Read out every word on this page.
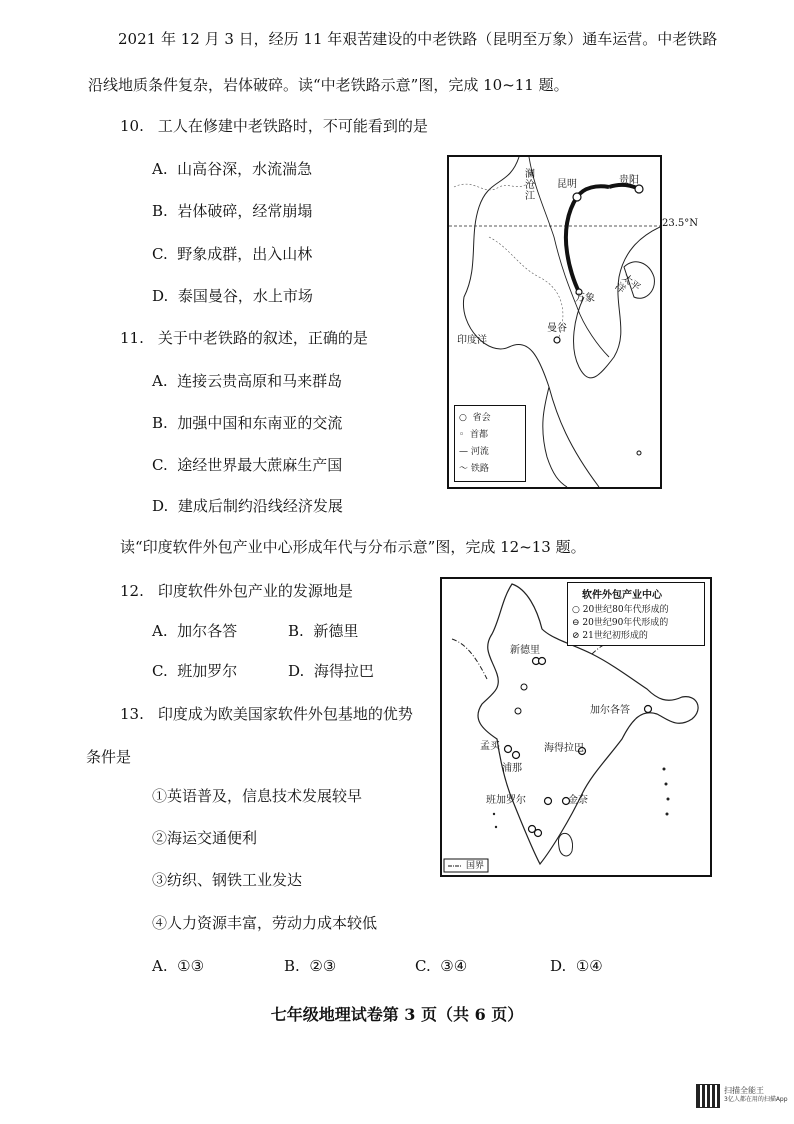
2021 年 12 月 3 日，经历 11 年艰苦建设的中老铁路（昆明至万象）通车运营。中老铁路
沿线地质条件复杂，岩体破碎。读“中老铁路示意”图，完成 10~11 题。
10. 工人在修建中老铁路时，不可能看到的是
A. 山高谷深，水流湍急
B. 岩体破碎，经常崩塌
C. 野象成群，出入山林
D. 泰国曼谷，水上市场
11. 关于中老铁路的叙述，正确的是
A. 连接云贵高原和马来群岛
B. 加强中国和东南亚的交流
C. 途经世界最大蔗麻生产国
D. 建成后制约沿线经济发展
澜沧江
昆明	贵阳
万象
太平洋
曼谷
印度洋
○  省会
◦  首都
— 河流
〜 铁路
23.5°N
读“印度软件外包产业中心形成年代与分布示意”图，完成 12~13 题。
12. 印度软件外包产业的发源地是
A. 加尔各答	B. 新德里
C. 班加罗尔	D. 海得拉巴
13. 印度成为欧美国家软件外包基地的优势
条件是
①英语普及，信息技术发展较早
②海运交通便利
③纺织、钢铁工业发达
④人力资源丰富，劳动力成本较低
A. ①③	B. ②③	C. ③④	D. ①④
软件外包产业中心
○ 20世纪80年代形成的
⊖ 20世纪90年代形成的
⊘ 21世纪初形成的
新德里
加尔各答
孟买
浦那
海得拉巴
班加罗尔	金奈
国界
七年级地理试卷第 3 页（共 6 页）
扫描全能王
3亿人都在用的扫描App
